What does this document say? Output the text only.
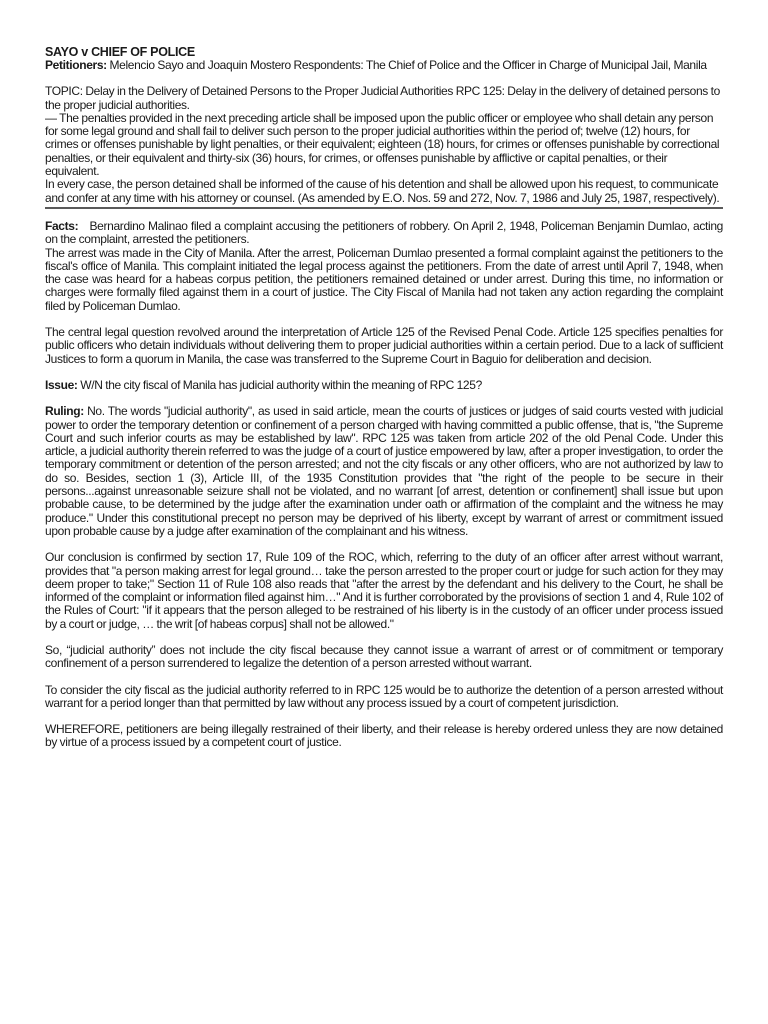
SAYO v CHIEF OF POLICE

Petitioners: Melencio Sayo and Joaquin Mostero Respondents: The Chief of Police and the Officer in Charge of Municipal Jail, Manila

TOPIC: Delay in the Delivery of Detained Persons to the Proper Judicial Authorities RPC 125: Delay in the delivery of detained persons to the proper judicial authorities.

— The penalties provided in the next preceding article shall be imposed upon the public officer or employee who shall detain any person for some legal ground and shall fail to deliver such person to the proper judicial authorities within the period of; twelve (12) hours, for crimes or offenses punishable by light penalties, or their equivalent; eighteen (18) hours, for crimes or offenses punishable by correctional penalties, or their equivalent and thirty-six (36) hours, for crimes, or offenses punishable by afflictive or capital penalties, or their equivalent.

In every case, the person detained shall be informed of the cause of his detention and shall be allowed upon his request, to communicate and confer at any time with his attorney or counsel. (As amended by E.O. Nos. 59 and 272, Nov. 7, 1986 and July 25, 1987, respectively).

Facts: Bernardino Malinao filed a complaint accusing the petitioners of robbery. On April 2, 1948, Policeman Benjamin Dumlao, acting on the complaint, arrested the petitioners.

The arrest was made in the City of Manila. After the arrest, Policeman Dumlao presented a formal complaint against the petitioners to the fiscal's office of Manila. This complaint initiated the legal process against the petitioners. From the date of arrest until April 7, 1948, when the case was heard for a habeas corpus petition, the petitioners remained detained or under arrest. During this time, no information or charges were formally filed against them in a court of justice. The City Fiscal of Manila had not taken any action regarding the complaint filed by Policeman Dumlao.

The central legal question revolved around the interpretation of Article 125 of the Revised Penal Code. Article 125 specifies penalties for public officers who detain individuals without delivering them to proper judicial authorities within a certain period. Due to a lack of sufficient Justices to form a quorum in Manila, the case was transferred to the Supreme Court in Baguio for deliberation and decision.

Issue: W/N the city fiscal of Manila has judicial authority within the meaning of RPC 125?

Ruling: No. The words "judicial authority", as used in said article, mean the courts of justices or judges of said courts vested with judicial power to order the temporary detention or confinement of a person charged with having committed a public offense, that is, "the Supreme Court and such inferior courts as may be established by law". RPC 125 was taken from article 202 of the old Penal Code. Under this article, a judicial authority therein referred to was the judge of a court of justice empowered by law, after a proper investigation, to order the temporary commitment or detention of the person arrested; and not the city fiscals or any other officers, who are not authorized by law to do so. Besides, section 1 (3), Article III, of the 1935 Constitution provides that "the right of the people to be secure in their persons...against unreasonable seizure shall not be violated, and no warrant [of arrest, detention or confinement] shall issue but upon probable cause, to be determined by the judge after the examination under oath or affirmation of the complaint and the witness he may produce." Under this constitutional precept no person may be deprived of his liberty, except by warrant of arrest or commitment issued upon probable cause by a judge after examination of the complainant and his witness.

Our conclusion is confirmed by section 17, Rule 109 of the ROC, which, referring to the duty of an officer after arrest without warrant, provides that "a person making arrest for legal ground… take the person arrested to the proper court or judge for such action for they may deem proper to take;" Section 11 of Rule 108 also reads that "after the arrest by the defendant and his delivery to the Court, he shall be informed of the complaint or information filed against him…" And it is further corroborated by the provisions of section 1 and 4, Rule 102 of the Rules of Court: "if it appears that the person alleged to be restrained of his liberty is in the custody of an officer under process issued by a court or judge, … the writ [of habeas corpus] shall not be allowed."

So, “judicial authority” does not include the city fiscal because they cannot issue a warrant of arrest or of commitment or temporary confinement of a person surrendered to legalize the detention of a person arrested without warrant.

To consider the city fiscal as the judicial authority referred to in RPC 125 would be to authorize the detention of a person arrested without warrant for a period longer than that permitted by law without any process issued by a court of competent jurisdiction.

WHEREFORE, petitioners are being illegally restrained of their liberty, and their release is hereby ordered unless they are now detained by virtue of a process issued by a competent court of justice.
